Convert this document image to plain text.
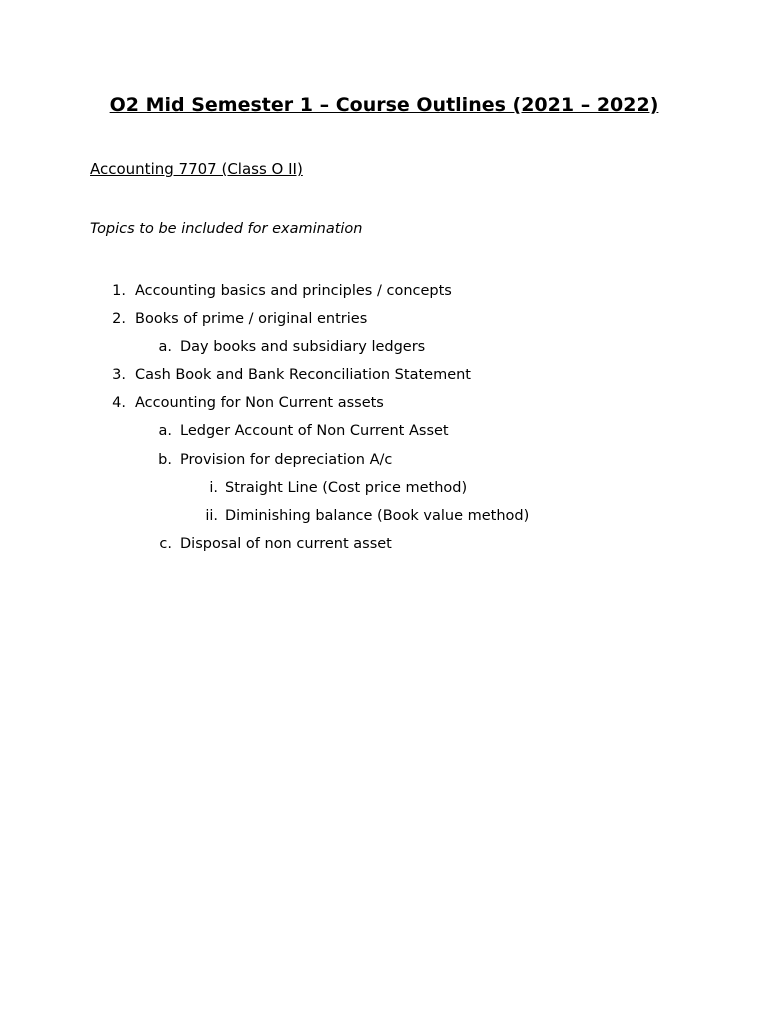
O2 Mid Semester 1 – Course Outlines (2021 – 2022)
Accounting 7707 (Class O II)
Topics to be included for examination
1. Accounting basics and principles / concepts
2. Books of prime / original entries
a. Day books and subsidiary ledgers
3. Cash Book and Bank Reconciliation Statement
4. Accounting for Non Current assets
a. Ledger Account of Non Current Asset
b. Provision for depreciation A/c
i. Straight Line (Cost price method)
ii. Diminishing balance (Book value method)
c. Disposal of non current asset
